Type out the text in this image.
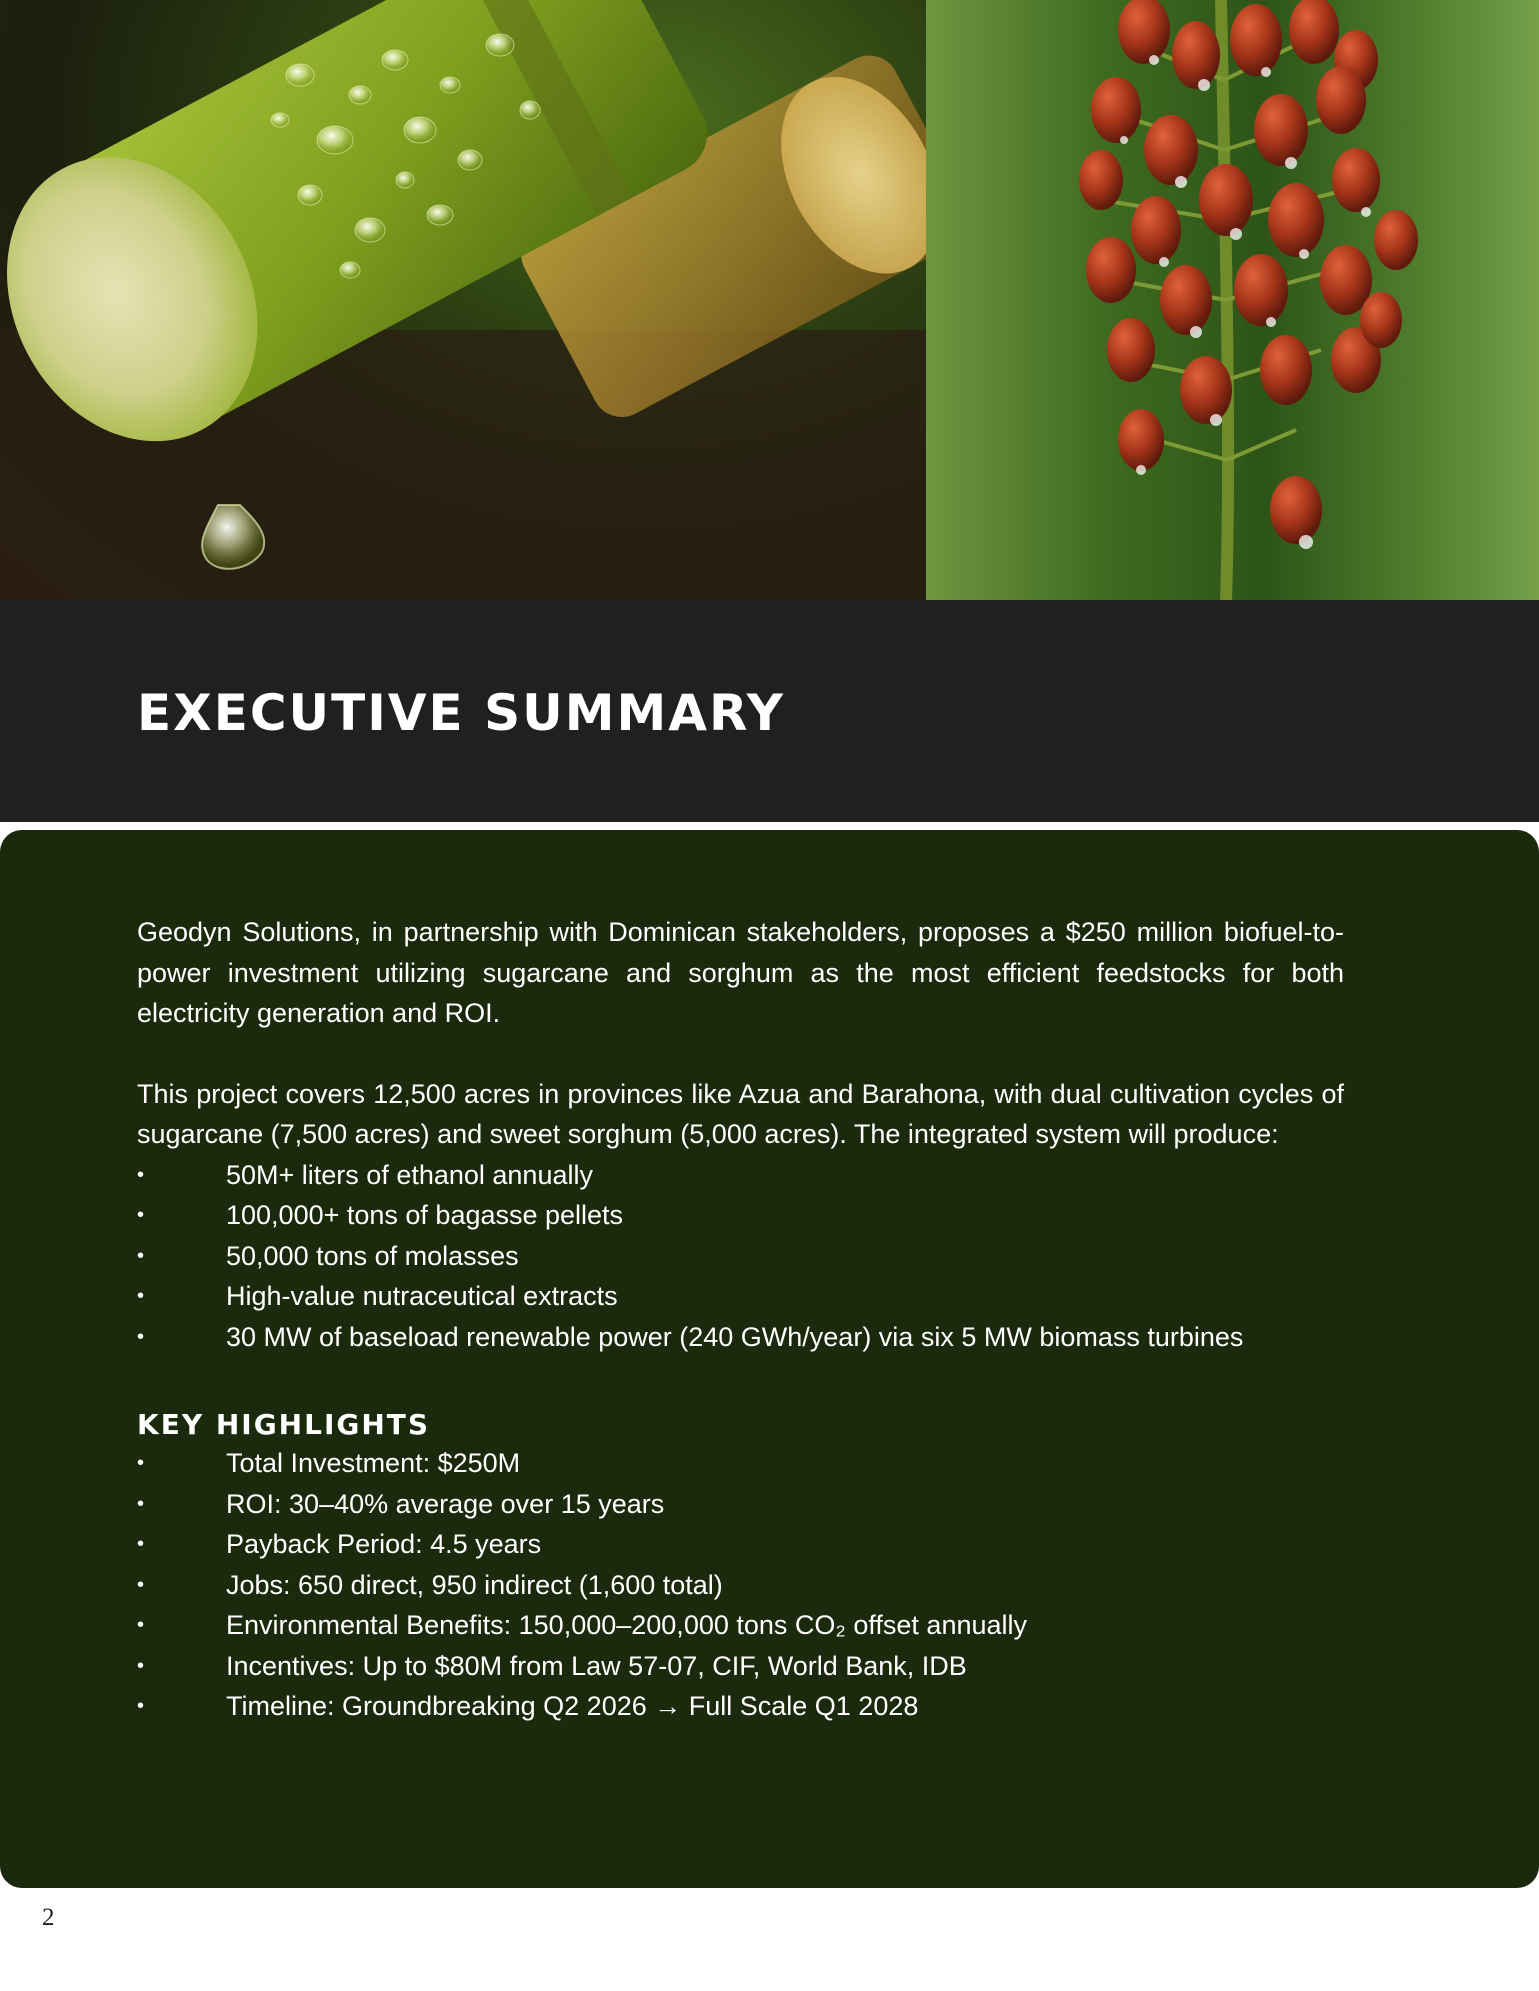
EXECUTIVE SUMMARY

Geodyn Solutions, in partnership with Dominican stakeholders, proposes a $250 million biofuel-to-power investment utilizing sugarcane and sorghum as the most efficient feedstocks for both electricity generation and ROI.

This project covers 12,500 acres in provinces like Azua and Barahona, with dual cultivation cycles of sugarcane (7,500 acres) and sweet sorghum (5,000 acres). The integrated system will produce:

• 50M+ liters of ethanol annually
• 100,000+ tons of bagasse pellets
• 50,000 tons of molasses
• High-value nutraceutical extracts
• 30 MW of baseload renewable power (240 GWh/year) via six 5 MW biomass turbines
KEY HIGHLIGHTS
• Total Investment: $250M
• ROI: 30–40% average over 15 years
• Payback Period: 4.5 years
• Jobs: 650 direct, 950 indirect (1,600 total)
• Environmental Benefits: 150,000–200,000 tons CO₂ offset annually
• Incentives: Up to $80M from Law 57-07, CIF, World Bank, IDB
• Timeline: Groundbreaking Q2 2026 → Full Scale Q1 2028
2
